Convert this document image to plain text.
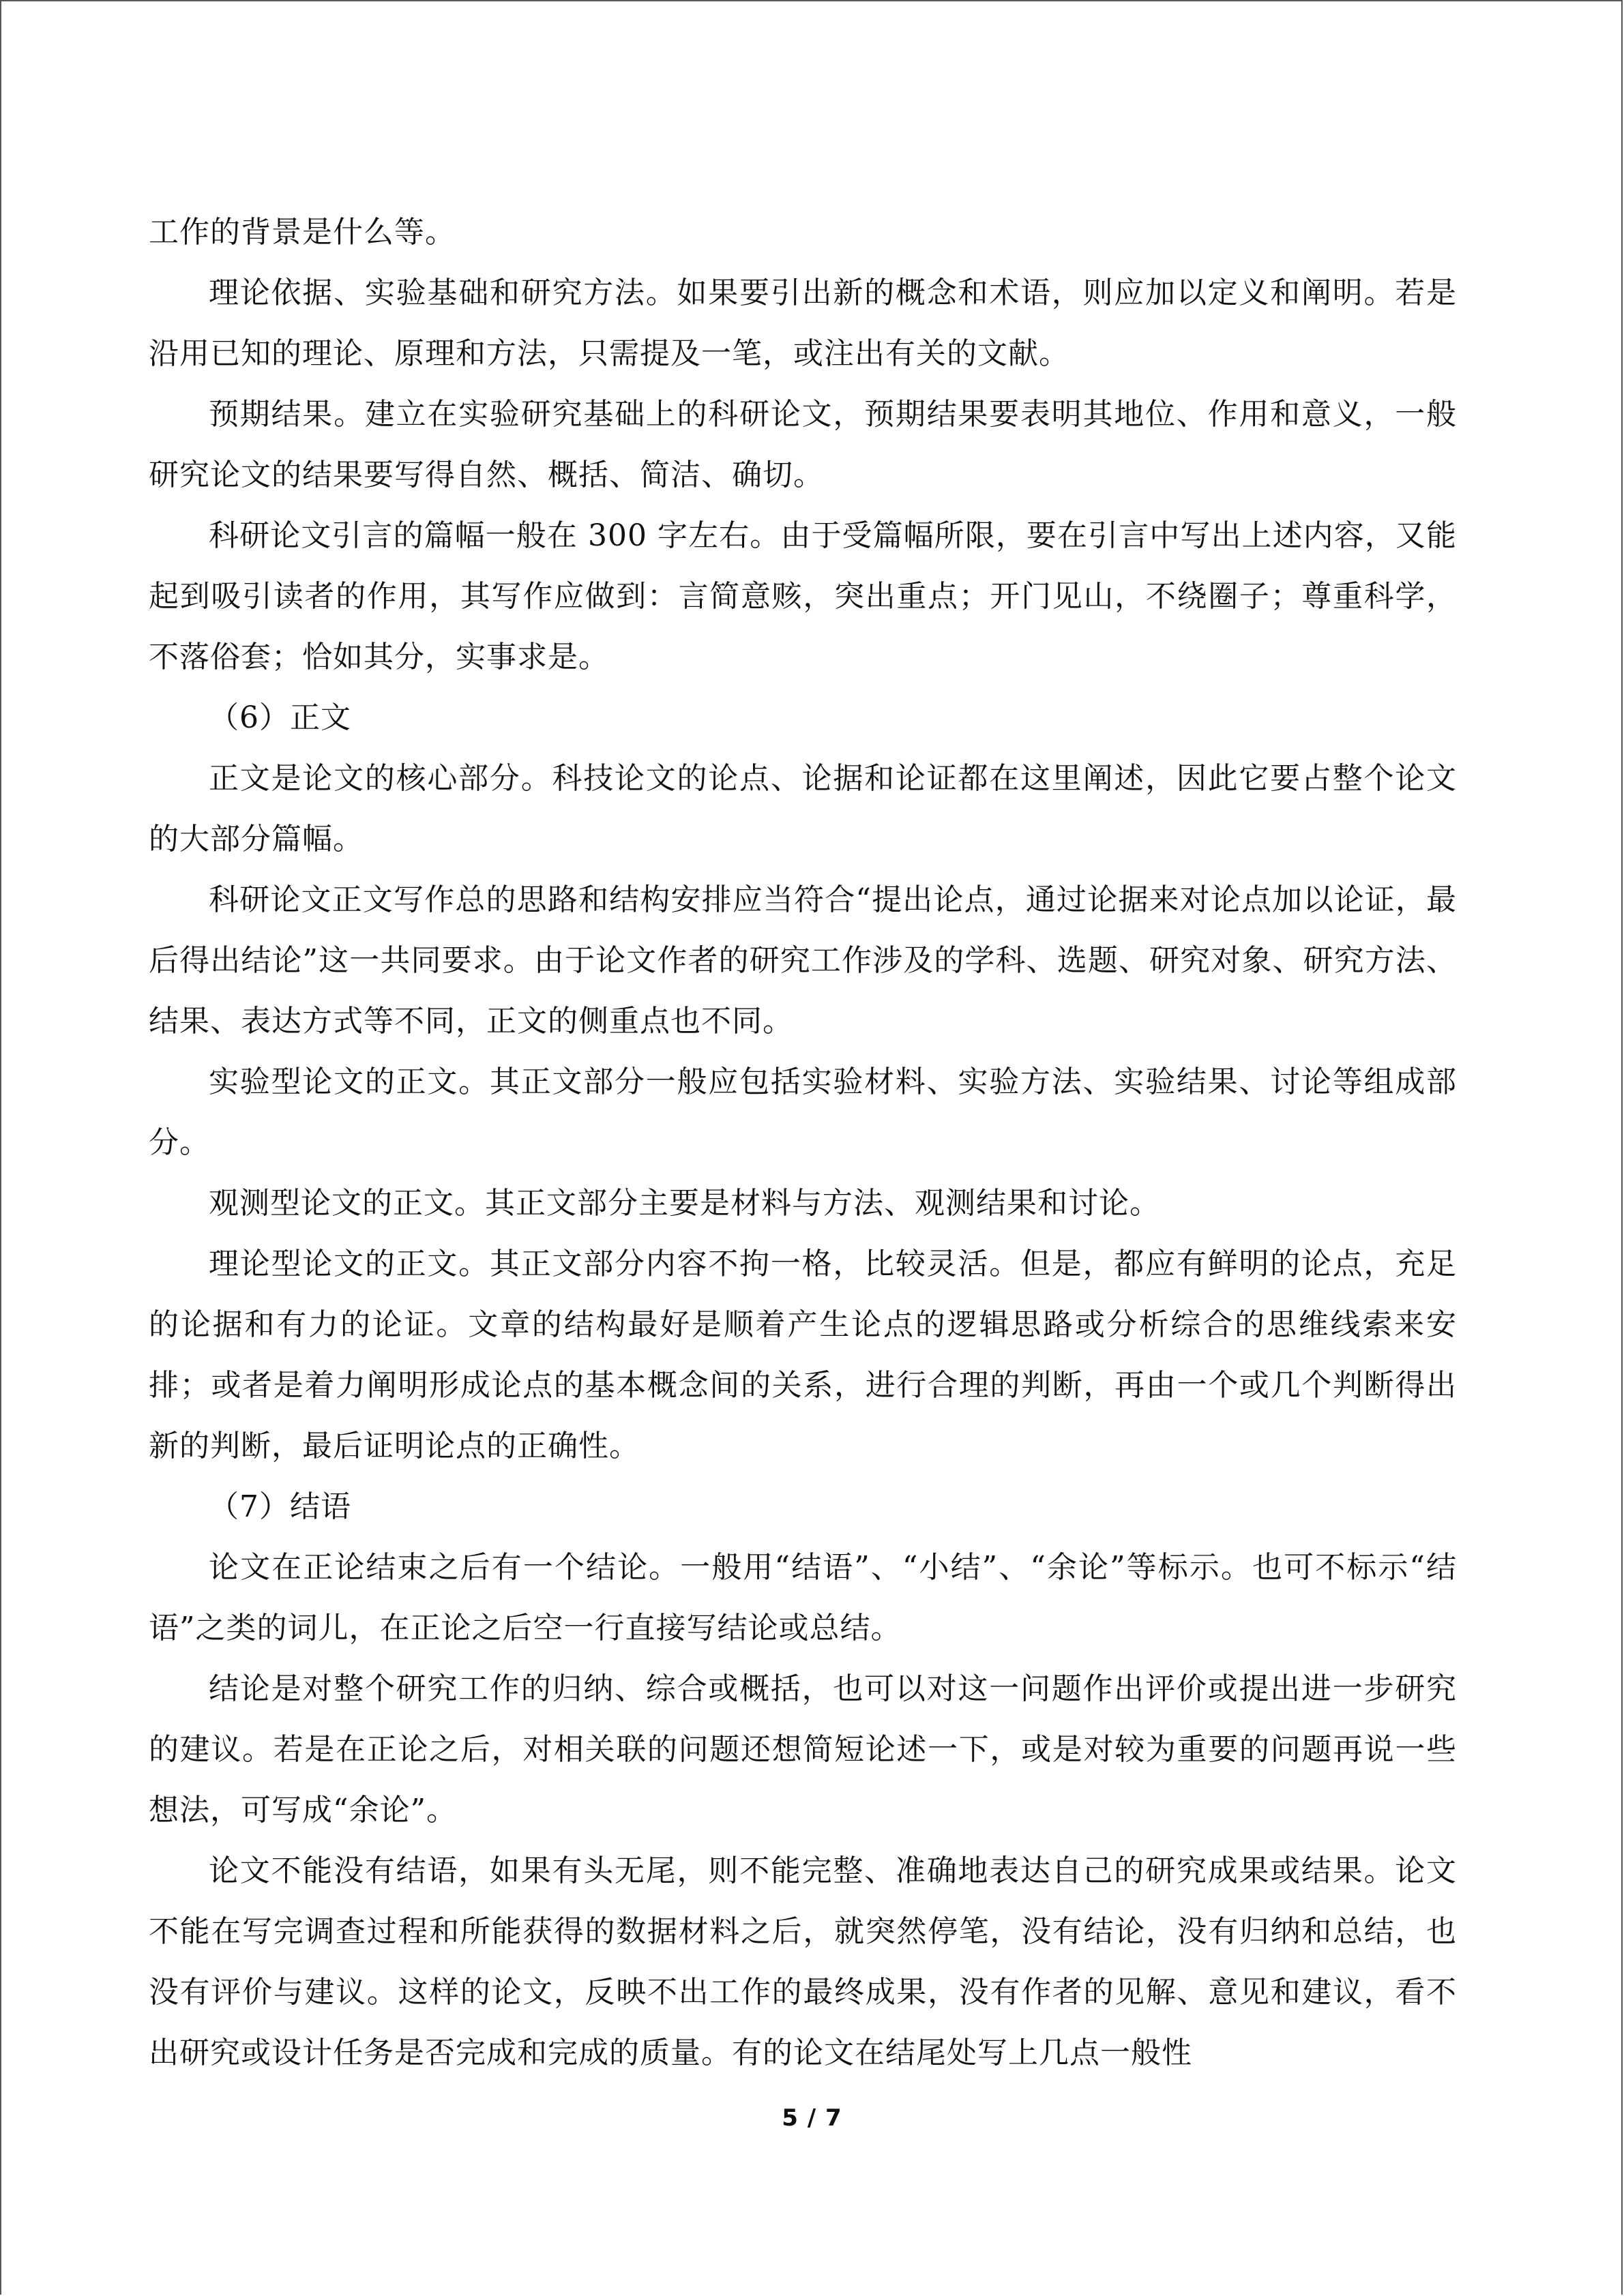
工作的背景是什么等。

理论依据、实验基础和研究方法。如果要引出新的概念和术语，则应加以定义和阐明。若是沿用已知的理论、原理和方法，只需提及一笔，或注出有关的文献。

预期结果。建立在实验研究基础上的科研论文，预期结果要表明其地位、作用和意义，一般研究论文的结果要写得自然、概括、简洁、确切。

科研论文引言的篇幅一般在 300 字左右。由于受篇幅所限，要在引言中写出上述内容，又能起到吸引读者的作用，其写作应做到：言简意赅，突出重点；开门见山，不绕圈子；尊重科学，不落俗套；恰如其分，实事求是。

（6）正文

正文是论文的核心部分。科技论文的论点、论据和论证都在这里阐述，因此它要占整个论文的大部分篇幅。

科研论文正文写作总的思路和结构安排应当符合“提出论点，通过论据来对论点加以论证，最后得出结论”这一共同要求。由于论文作者的研究工作涉及的学科、选题、研究对象、研究方法、结果、表达方式等不同，正文的侧重点也不同。

实验型论文的正文。其正文部分一般应包括实验材料、实验方法、实验结果、讨论等组成部分。

观测型论文的正文。其正文部分主要是材料与方法、观测结果和讨论。

理论型论文的正文。其正文部分内容不拘一格，比较灵活。但是，都应有鲜明的论点，充足的论据和有力的论证。文章的结构最好是顺着产生论点的逻辑思路或分析综合的思维线索来安排；或者是着力阐明形成论点的基本概念间的关系，进行合理的判断，再由一个或几个判断得出新的判断，最后证明论点的正确性。

（7）结语

论文在正论结束之后有一个结论。一般用“结语”、“小结”、“余论”等标示。也可不标示“结语”之类的词儿，在正论之后空一行直接写结论或总结。

结论是对整个研究工作的归纳、综合或概括，也可以对这一问题作出评价或提出进一步研究的建议。若是在正论之后，对相关联的问题还想简短论述一下，或是对较为重要的问题再说一些想法，可写成“余论”。

论文不能没有结语，如果有头无尾，则不能完整、准确地表达自己的研究成果或结果。论文不能在写完调查过程和所能获得的数据材料之后，就突然停笔，没有结论，没有归纳和总结，也没有评价与建议。这样的论文，反映不出工作的最终成果，没有作者的见解、意见和建议，看不出研究或设计任务是否完成和完成的质量。有的论文在结尾处写上几点一般性

5 / 7
